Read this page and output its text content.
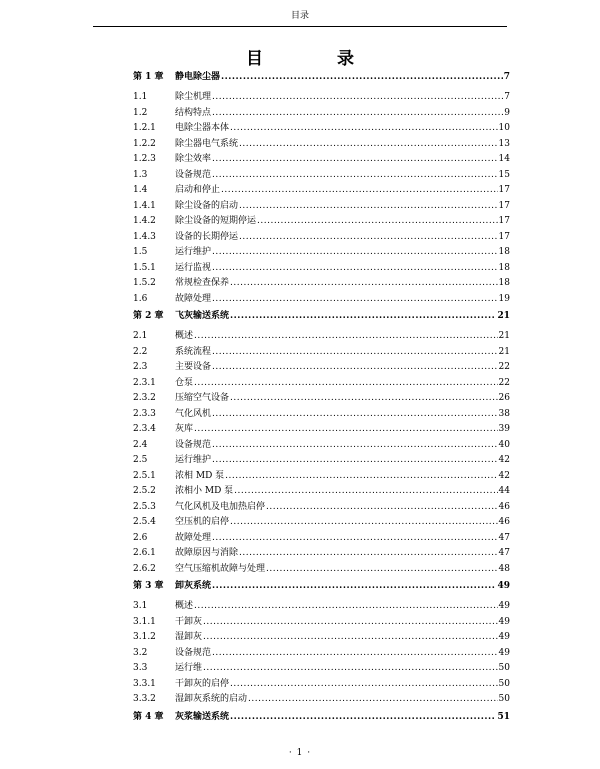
目录
目 录
第 1 章	静电除尘器 .....	7
1.1	除尘机理 .....	7
1.2	结构特点 .....	9
1.2.1	电除尘器本体 .....	10
1.2.2	除尘器电气系统 .....	13
1.2.3	除尘效率 .....	14
1.3	设备规范 .....	15
1.4	启动和停止 .....	17
1.4.1	除尘设备的启动 .....	17
1.4.2	除尘设备的短期停运 .....	17
1.4.3	设备的长期停运 .....	17
1.5	运行维护 .....	18
1.5.1	运行监视 .....	18
1.5.2	常规检查保养 .....	18
1.6	故障处理 .....	19
第 2 章	飞灰输送系统 .....	21
2.1	概述 .....	21
2.2	系统流程 .....	21
2.3	主要设备 .....	22
2.3.1	仓泵 .....	22
2.3.2	压缩空气设备 .....	26
2.3.3	气化风机 .....	38
2.3.4	灰库 .....	39
2.4	设备规范 .....	40
2.5	运行维护 .....	42
2.5.1	浓相 MD 泵 .....	42
2.5.2	浓相小 MD 泵 .....	44
2.5.3	气化风机及电加热启停 .....	46
2.5.4	空压机的启停 .....	46
2.6	故障处理 .....	47
2.6.1	故障原因与消除 .....	47
2.6.2	空气压缩机故障与处理 .....	48
第 3 章	卸灰系统 .....	49
3.1	概述 .....	49
3.1.1	干卸灰 .....	49
3.1.2	湿卸灰 .....	49
3.2	设备规范 .....	49
3.3	运行维 .....	50
3.3.1	干卸灰的启停 .....	50
3.3.2	湿卸灰系统的启动 .....	50
第 4 章	灰浆输送系统 .....	51
· 1 ·
